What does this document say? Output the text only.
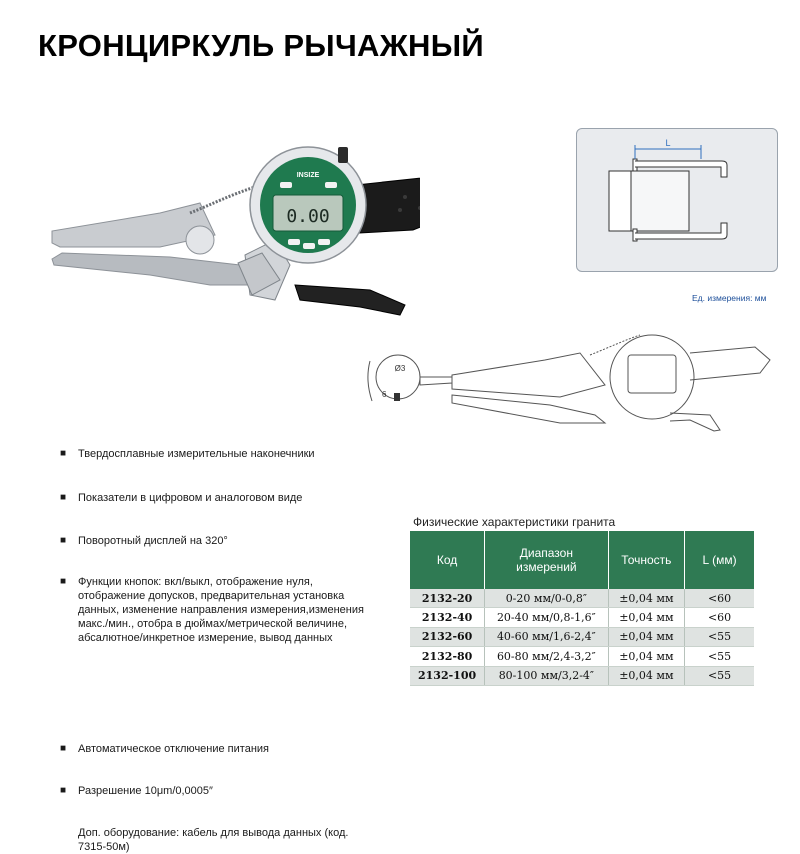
КРОНЦИРКУЛЬ РЫЧАЖНЫЙ
0.00
INSIZE
L
Ед. измерения: мм
Ø3
6
■ Твердосплавные измерительные наконечники
■ Показатели в цифровом и аналоговом виде
■ Поворотный дисплей на 320°
■ Функции кнопок: вкл/выкл, отображение нуля, отображение допусков, предварительная установка данных, изменение направления измерения,изменения макс./мин., отобра в дюймах/метрической величине, абсалютное/инкретное измерение, вывод данных
■ Автоматическое отключение питания
■ Разрешение 10μm/0,0005″
Доп. оборудование: кабель для вывода данных (код. 7315-50м)
Физические характеристики гранита
Код	Диапазон измерений	Точность	L (мм)
2132-20	0-20 мм/0-0,8″	±0,04 мм	<60
2132-40	20-40 мм/0,8-1,6″	±0,04 мм	<60
2132-60	40-60 мм/1,6-2,4″	±0,04 мм	<55
2132-80	60-80 мм/2,4-3,2″	±0,04 мм	<55
2132-100	80-100 мм/3,2-4″	±0,04 мм	<55
